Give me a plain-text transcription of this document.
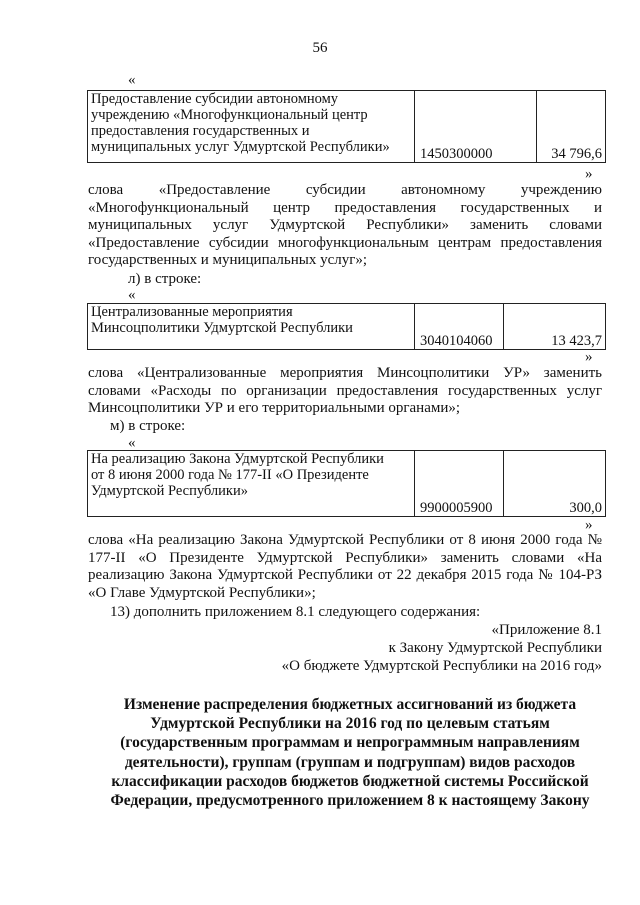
56
«
Предоставление субсидии автономному
учреждению «Многофункциональный центр
предоставления государственных и
муниципальных услуг Удмуртской Республики»	1450300000	34 796,6
»
слова «Предоставление субсидии автономному учреждению «Многофункциональный центр предоставления государственных и муниципальных услуг Удмуртской Республики» заменить словами «Предоставление субсидии многофункциональным центрам предоставления государственных и муниципальных услуг»;
л) в строке:
«
Централизованные мероприятия
Минсоцполитики Удмуртской Республики
	3040104060	13 423,7
»
слова «Централизованные мероприятия Минсоцполитики УР» заменить словами «Расходы по организации предоставления государственных услуг Минсоцполитики УР и его территориальными органами»;
м) в строке:
«
На реализацию Закона Удмуртской Республики
от 8 июня 2000 года № 177-II «О Президенте
Удмуртской Республики»
	9900005900	300,0
»
слова «На реализацию Закона Удмуртской Республики от 8 июня 2000 года № 177-II «О Президенте Удмуртской Республики» заменить словами «На реализацию Закона Удмуртской Республики от 22 декабря 2015 года № 104-РЗ «О Главе Удмуртской Республики»;
13) дополнить приложением 8.1 следующего содержания:
«Приложение 8.1
к Закону Удмуртской Республики
«О бюджете Удмуртской Республики на 2016 год»
Изменение распределения бюджетных ассигнований из бюджета Удмуртской Республики на 2016 год по целевым статьям (государственным программам и непрограммным направлениям деятельности), группам (группам и подгруппам) видов расходов классификации расходов бюджетов бюджетной системы Российской Федерации, предусмотренного приложением 8 к настоящему Закону
